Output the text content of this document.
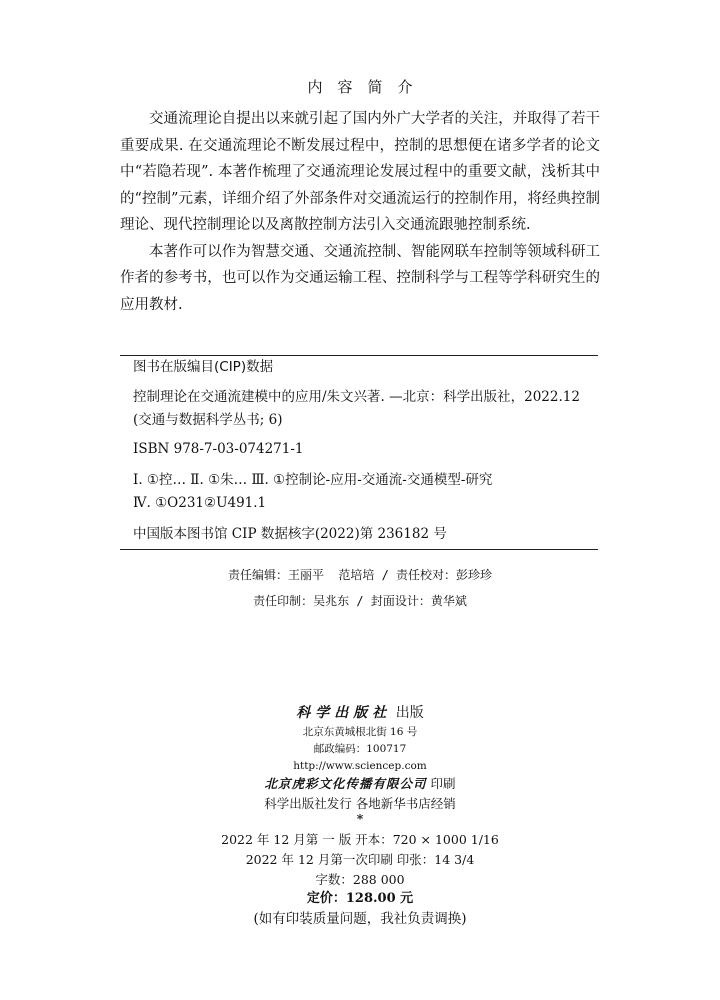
内容简介

交通流理论自提出以来就引起了国内外广大学者的关注，并取得了若干重要成果. 在交通流理论不断发展过程中，控制的思想便在诸多学者的论文中“若隐若现”. 本著作梳理了交通流理论发展过程中的重要文献，浅析其中的“控制”元素，详细介绍了外部条件对交通流运行的控制作用，将经典控制理论、现代控制理论以及离散控制方法引入交通流跟驰控制系统.

本著作可以作为智慧交通、交通流控制、智能网联车控制等领域科研工作者的参考书，也可以作为交通运输工程、控制科学与工程等学科研究生的应用教材.

图书在版编目(CIP)数据
控制理论在交通流建模中的应用/朱文兴著. —北京：科学出版社，2022.12
(交通与数据科学丛书; 6)
ISBN 978-7-03-074271-1
Ⅰ. ①控… Ⅱ. ①朱… Ⅲ. ①控制论-应用-交通流-交通模型-研究
Ⅳ. ①O231②U491.1
中国版本图书馆 CIP 数据核字(2022)第 236182 号
责任编辑：王丽平  范培培 / 责任校对：彭珍珍
责任印制：吴兆东 / 封面设计：黄华斌
科学出版社 出版
北京东黄城根北街 16 号
邮政编码：100717
http://www.sciencep.com
北京虎彩文化传播有限公司 印刷
科学出版社发行 各地新华书店经销
*
2022 年 12 月第 一 版 开本：720 × 1000 1/16
2022 年 12 月第一次印刷 印张：14 3/4
字数：288 000
定价：128.00 元
(如有印装质量问题，我社负责调换)
